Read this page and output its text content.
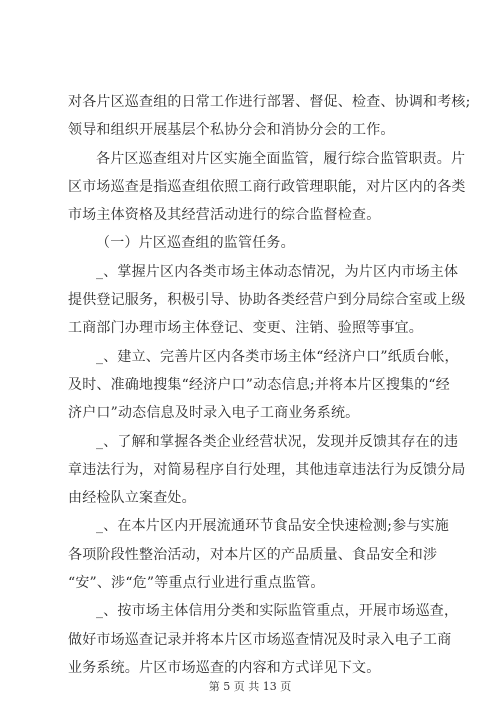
对各片区巡查组的日常工作进行部署、督促、检查、协调和考核;
领导和组织开展基层个私协分会和消协分会的工作。

各片区巡查组对片区实施全面监管，履行综合监管职责。片
区市场巡查是指巡查组依照工商行政管理职能，对片区内的各类
市场主体资格及其经营活动进行的综合监督检查。

（一）片区巡查组的监管任务。

_、掌握片区内各类市场主体动态情况，为片区内市场主体
提供登记服务，积极引导、协助各类经营户到分局综合室或上级
工商部门办理市场主体登记、变更、注销、验照等事宜。

_、建立、完善片区内各类市场主体“经济户口”纸质台帐，
及时、准确地搜集“经济户口”动态信息;并将本片区搜集的“经
济户口”动态信息及时录入电子工商业务系统。

_、了解和掌握各类企业经营状况，发现并反馈其存在的违
章违法行为，对简易程序自行处理，其他违章违法行为反馈分局
由经检队立案查处。

_、在本片区内开展流通环节食品安全快速检测;参与实施
各项阶段性整治活动，对本片区的产品质量、食品安全和涉
“安”、涉“危”等重点行业进行重点监管。

_、按市场主体信用分类和实际监管重点，开展市场巡查，
做好市场巡查记录并将本片区市场巡查情况及时录入电子工商
业务系统。片区市场巡查的内容和方式详见下文。

第 5 页 共 13 页
